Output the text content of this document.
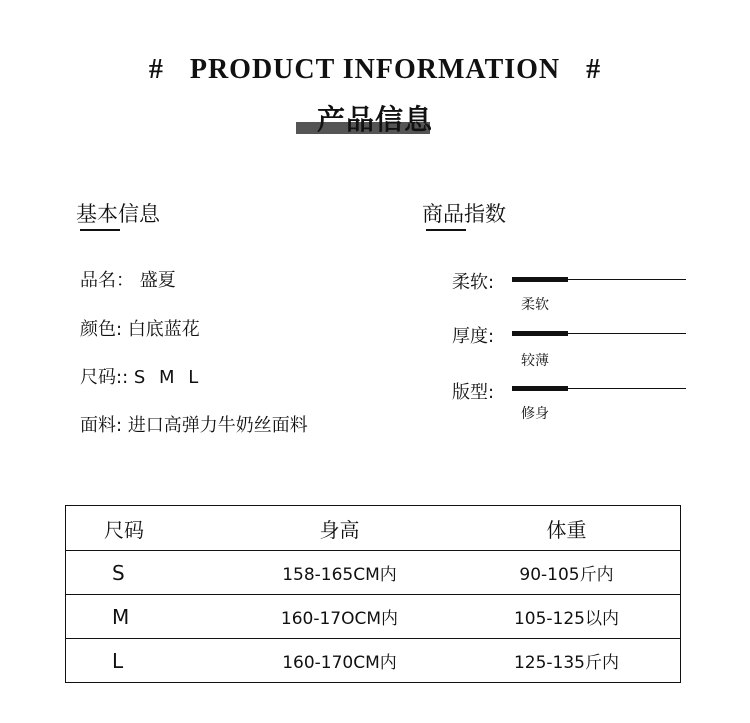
# PRODUCT INFORMATION #
产品信息
基本信息
品名： 盛夏
颜色: 白底蓝花
尺码:: S M L
面料: 进口高弹力牛奶丝面料
商品指数
柔软:
柔软
厚度:
较薄
版型:
修身
尺码	身高	体重
S	158-165CM内	90-105斤内
M	160-17OCM内	105-125以内
L	160-170CM内	125-135斤内
